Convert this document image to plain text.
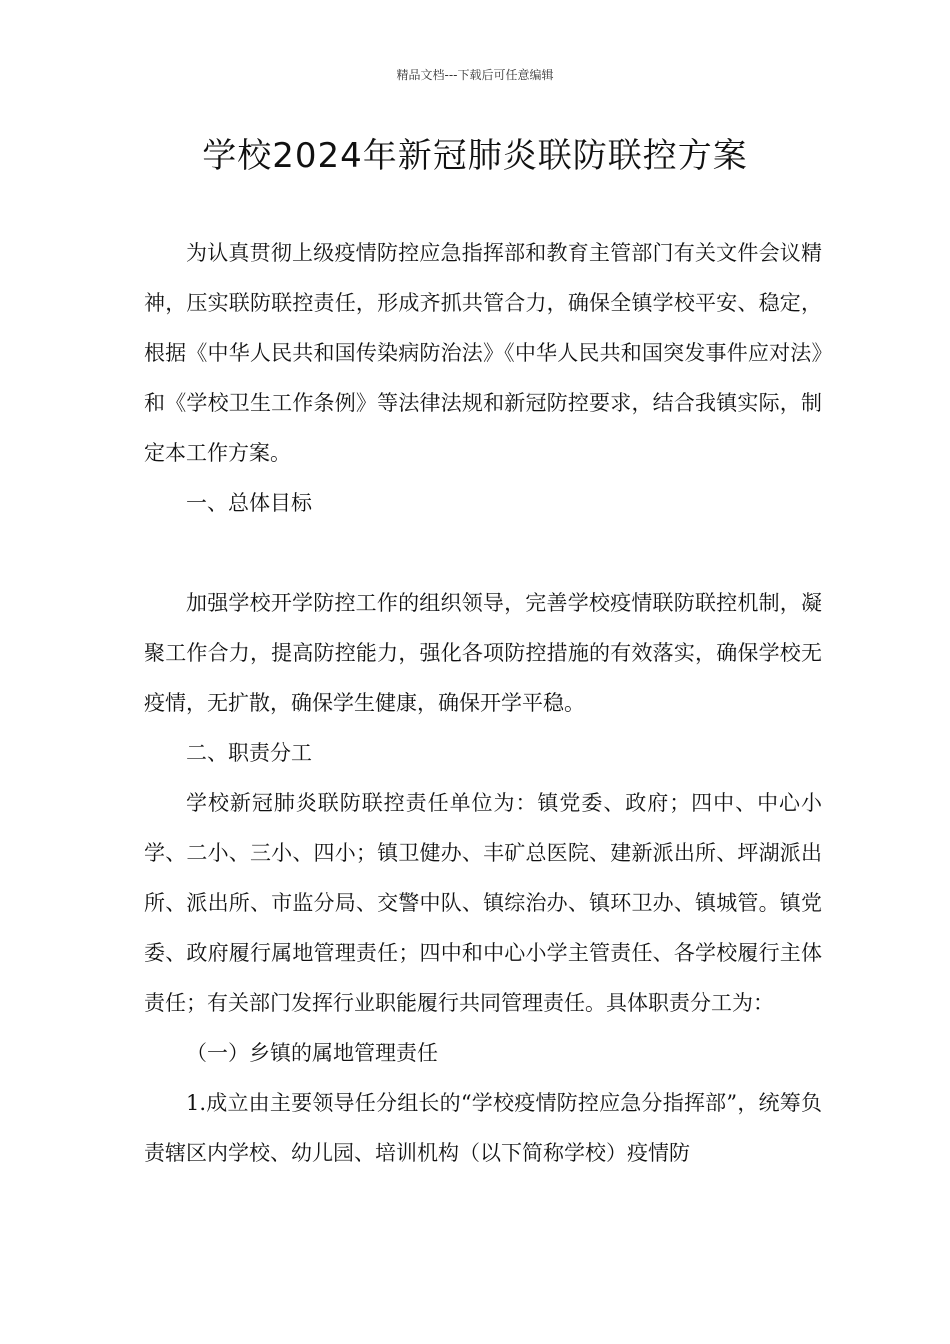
精品文档---下载后可任意编辑
学校2024年新冠肺炎联防联控方案

为认真贯彻上级疫情防控应急指挥部和教育主管部门有关文件会议精神，压实联防联控责任，形成齐抓共管合力，确保全镇学校平安、稳定，根据《中华人民共和国传染病防治法》《中华人民共和国突发事件应对法》和《学校卫生工作条例》等法律法规和新冠防控要求，结合我镇实际，制定本工作方案。

一、总体目标

加强学校开学防控工作的组织领导，完善学校疫情联防联控机制，凝聚工作合力，提高防控能力，强化各项防控措施的有效落实，确保学校无疫情，无扩散，确保学生健康，确保开学平稳。

二、职责分工

学校新冠肺炎联防联控责任单位为：镇党委、政府；四中、中心小学、二小、三小、四小；镇卫健办、丰矿总医院、建新派出所、坪湖派出所、派出所、市监分局、交警中队、镇综治办、镇环卫办、镇城管。镇党委、政府履行属地管理责任；四中和中心小学主管责任、各学校履行主体责任；有关部门发挥行业职能履行共同管理责任。具体职责分工为：

（一）乡镇的属地管理责任

1.成立由主要领导任分组长的“学校疫情防控应急分指挥部”，统筹负责辖区内学校、幼儿园、培训机构（以下简称学校）疫情防
